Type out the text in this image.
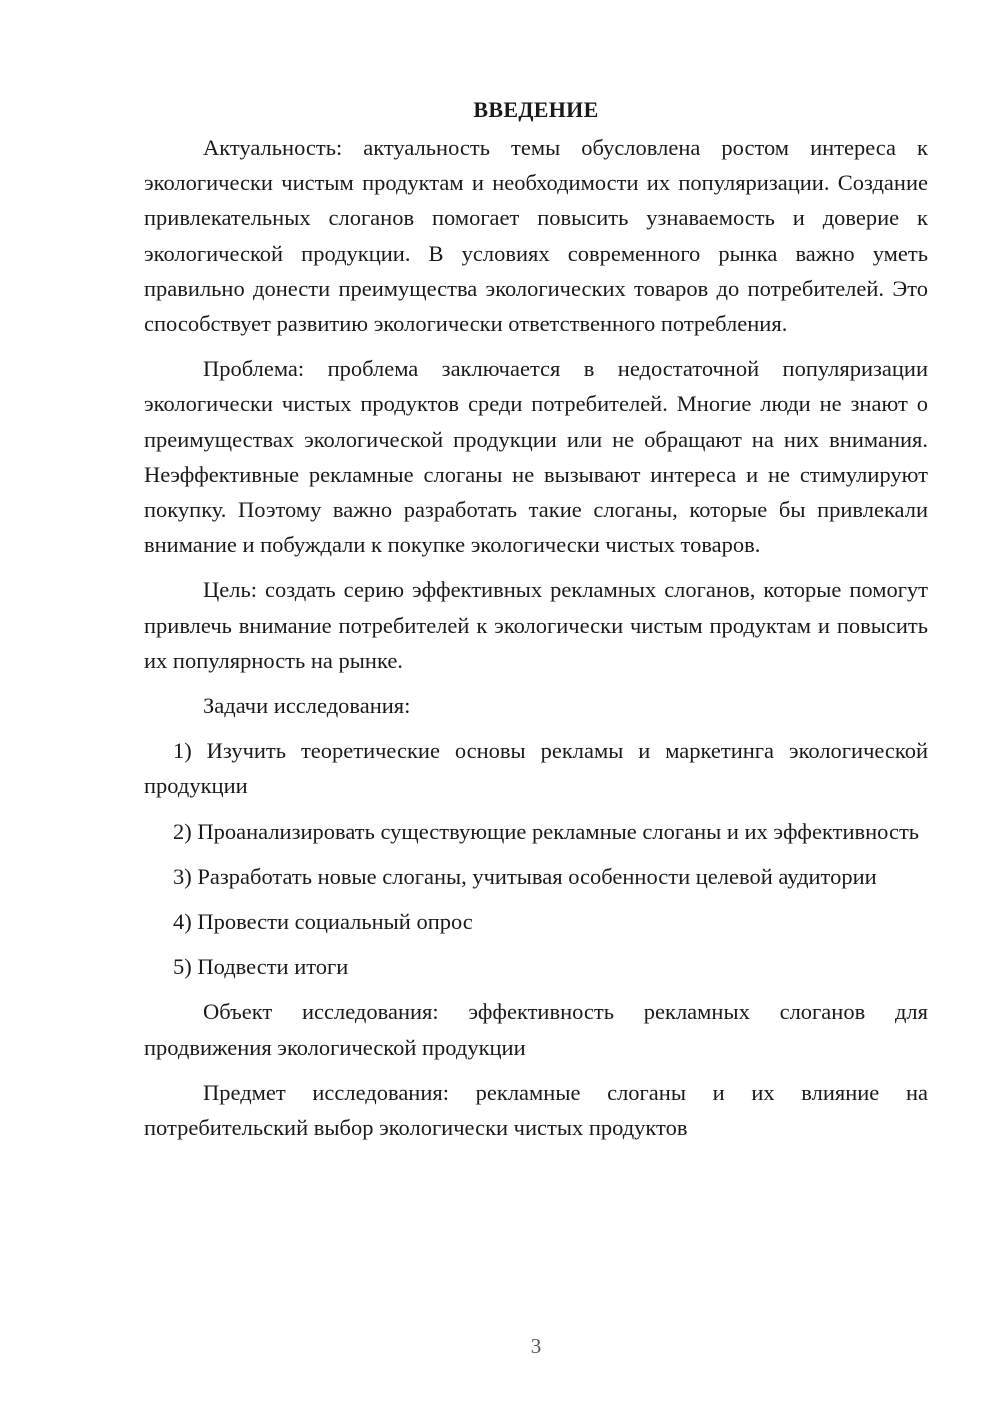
ВВЕДЕНИЕ

Актуальность: актуальность темы обусловлена ростом интереса к экологически чистым продуктам и необходимости их популяризации. Создание привлекательных слоганов помогает повысить узнаваемость и доверие к экологической продукции. В условиях современного рынка важно уметь правильно донести преимущества экологических товаров до потребителей. Это способствует развитию экологически ответственного потребления.

Проблема: проблема заключается в недостаточной популяризации экологически чистых продуктов среди потребителей. Многие люди не знают о преимуществах экологической продукции или не обращают на них внимания. Неэффективные рекламные слоганы не вызывают интереса и не стимулируют покупку. Поэтому важно разработать такие слоганы, которые бы привлекали внимание и побуждали к покупке экологически чистых товаров.

Цель: создать серию эффективных рекламных слоганов, которые помогут привлечь внимание потребителей к экологически чистым продуктам и повысить их популярность на рынке.

Задачи исследования:

1) Изучить теоретические основы рекламы и маркетинга экологической продукции

2) Проанализировать существующие рекламные слоганы и их эффективность

3) Разработать новые слоганы, учитывая особенности целевой аудитории

4) Провести социальный опрос

5) Подвести итоги

Объект исследования: эффективность рекламных слоганов для продвижения экологической продукции

Предмет исследования: рекламные слоганы и их влияние на потребительский выбор экологически чистых продуктов

3
